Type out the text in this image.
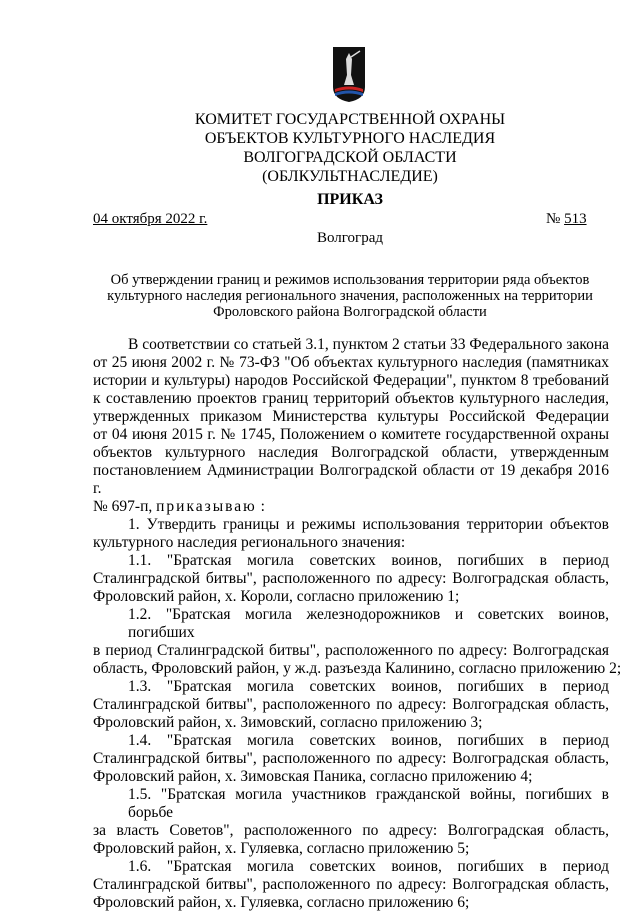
КОМИТЕТ ГОСУДАРСТВЕННОЙ ОХРАНЫ
ОБЪЕКТОВ КУЛЬТУРНОГО НАСЛЕДИЯ
ВОЛГОГРАДСКОЙ ОБЛАСТИ
(ОБЛКУЛЬТНАСЛЕДИЕ)
ПРИКАЗ
04 октября 2022 г.	№ 513
Волгоград
Об утверждении границ и режимов использования территории ряда объектов
культурного наследия регионального значения, расположенных на территории
Фроловского района Волгоградской области
В соответствии со статьей 3.1, пунктом 2 статьи 33 Федерального закона
от 25 июня 2002 г. № 73-ФЗ "Об объектах культурного наследия (памятниках
истории и культуры) народов Российской Федерации", пунктом 8 требований
к составлению проектов границ территорий объектов культурного наследия,
утвержденных приказом Министерства культуры Российской Федерации
от 04 июня 2015 г. № 1745, Положением о комитете государственной охраны
объектов культурного наследия Волгоградской области, утвержденным
постановлением Администрации Волгоградской области от 19 декабря 2016 г.
№ 697-п, приказываю :
1. Утвердить границы и режимы использования территории объектов
культурного наследия регионального значения:
1.1. "Братская могила советских воинов, погибших в период
Сталинградской битвы", расположенного по адресу: Волгоградская область,
Фроловский район, х. Короли, согласно приложению 1;
1.2. "Братская могила железнодорожников и советских воинов, погибших
в период Сталинградской битвы", расположенного по адресу: Волгоградская
область, Фроловский район, у ж.д. разъезда Калинино, согласно приложению 2;
1.3. "Братская могила советских воинов, погибших в период
Сталинградской битвы", расположенного по адресу: Волгоградская область,
Фроловский район, х. Зимовский, согласно приложению 3;
1.4. "Братская могила советских воинов, погибших в период
Сталинградской битвы", расположенного по адресу: Волгоградская область,
Фроловский район, х. Зимовская Паника, согласно приложению 4;
1.5. "Братская могила участников гражданской войны, погибших в борьбе
за власть Советов", расположенного по адресу: Волгоградская область,
Фроловский район, х. Гуляевка, согласно приложению 5;
1.6. "Братская могила советских воинов, погибших в период
Сталинградской битвы", расположенного по адресу: Волгоградская область,
Фроловский район, х. Гуляевка, согласно приложению 6;
